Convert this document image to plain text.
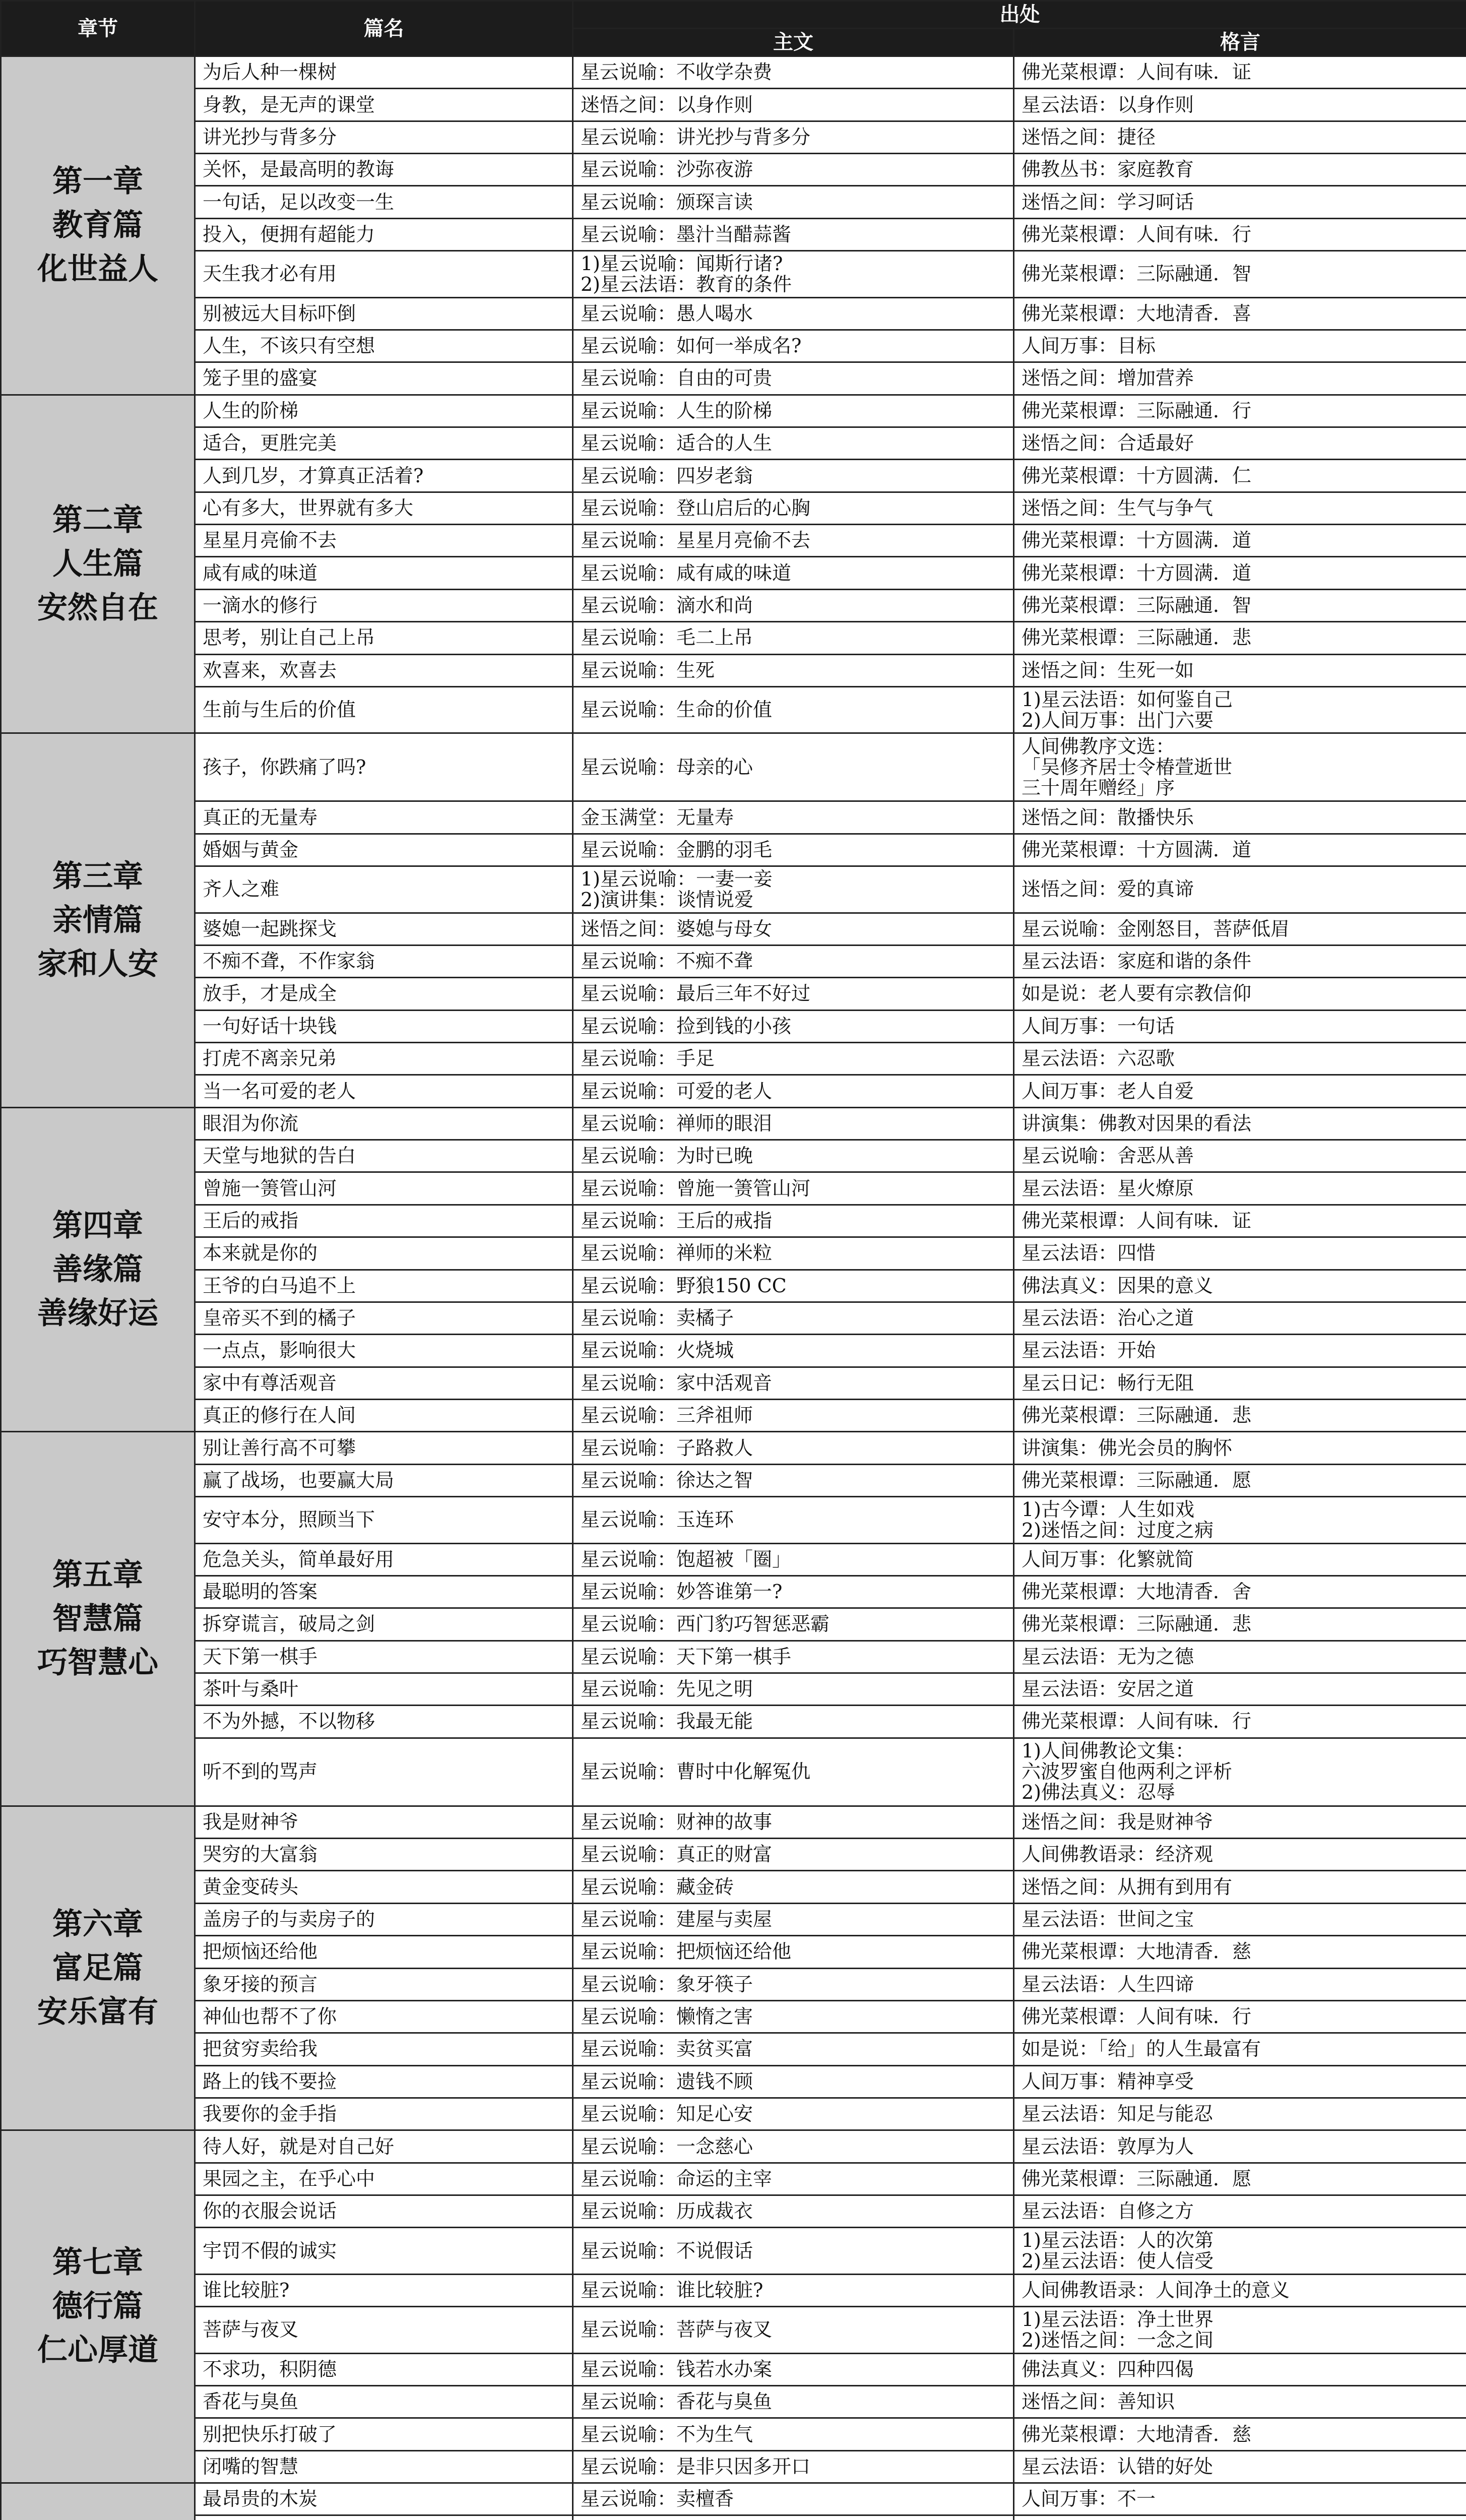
章节	篇名	出处	
		主文	格言
第一章
教育篇
化世益人	为后人种一棵树	星云说喻：不收学杂费	佛光菜根谭：人间有味．证
	身教，是无声的课堂	迷悟之间：以身作则	星云法语：以身作则
	讲光抄与背多分	星云说喻：讲光抄与背多分	迷悟之间：捷径
	关怀，是最高明的教诲	星云说喻：沙弥夜游	佛教丛书：家庭教育
	一句话，足以改变一生	星云说喻：颁琛言读	迷悟之间：学习呵话
	投入，便拥有超能力	星云说喻：墨汁当醋蒜酱	佛光菜根谭：人间有味．行
	天生我才必有用	1)星云说喻：闻斯行诸?
2)星云法语：教育的条件	佛光菜根谭：三际融通．智
	别被远大目标吓倒	星云说喻：愚人喝水	佛光菜根谭：大地清香．喜
	人生，不该只有空想	星云说喻：如何一举成名?	人间万事：目标
	笼子里的盛宴	星云说喻：自由的可贵	迷悟之间：增加营养
第二章
人生篇
安然自在	人生的阶梯	星云说喻：人生的阶梯	佛光菜根谭：三际融通．行
	适合，更胜完美	星云说喻：适合的人生	迷悟之间：合适最好
	人到几岁，才算真正活着?	星云说喻：四岁老翁	佛光菜根谭：十方圆满．仁
	心有多大，世界就有多大	星云说喻：登山启后的心胸	迷悟之间：生气与争气
	星星月亮偷不去	星云说喻：星星月亮偷不去	佛光菜根谭：十方圆满．道
	咸有咸的味道	星云说喻：咸有咸的味道	佛光菜根谭：十方圆满．道
	一滴水的修行	星云说喻：滴水和尚	佛光菜根谭：三际融通．智
	思考，别让自己上吊	星云说喻：毛二上吊	佛光菜根谭：三际融通．悲
	欢喜来，欢喜去	星云说喻：生死	迷悟之间：生死一如
	生前与生后的价值	星云说喻：生命的价值	1)星云法语：如何鉴自己
2)人间万事：出门六要
第三章
亲情篇
家和人安	孩子，你跌痛了吗?	星云说喻：母亲的心	人间佛教序文选：
「吴修齐居士令椿萱逝世
三十周年赠经」序
	真正的无量寿	金玉满堂：无量寿	迷悟之间：散播快乐
	婚姻与黄金	星云说喻：金鹏的羽毛	佛光菜根谭：十方圆满．道
	齐人之难	1)星云说喻：一妻一妾
2)演讲集：谈情说爱	迷悟之间：爱的真谛
	婆媳一起跳探戈	迷悟之间：婆媳与母女	星云说喻：金刚怒目，菩萨低眉
	不痴不聋，不作家翁	星云说喻：不痴不聋	星云法语：家庭和谐的条件
	放手，才是成全	星云说喻：最后三年不好过	如是说：老人要有宗教信仰
	一句好话十块钱	星云说喻：捡到钱的小孩	人间万事：一句话
	打虎不离亲兄弟	星云说喻：手足	星云法语：六忍歌
	当一名可爱的老人	星云说喻：可爱的老人	人间万事：老人自爱
第四章
善缘篇
善缘好运	眼泪为你流	星云说喻：禅师的眼泪	讲演集：佛教对因果的看法
	天堂与地狱的告白	星云说喻：为时已晚	星云说喻：舍恶从善
	曾施一箦管山河	星云说喻：曾施一箦管山河	星云法语：星火燎原
	王后的戒指	星云说喻：王后的戒指	佛光菜根谭：人间有味．证
	本来就是你的	星云说喻：禅师的米粒	星云法语：四惜
	王爷的白马追不上	星云说喻：野狼150 CC	佛法真义：因果的意义
	皇帝买不到的橘子	星云说喻：卖橘子	星云法语：治心之道
	一点点，影响很大	星云说喻：火烧城	星云法语：开始
	家中有尊活观音	星云说喻：家中活观音	星云日记：畅行无阻
	真正的修行在人间	星云说喻：三斧祖师	佛光菜根谭：三际融通．悲
第五章
智慧篇
巧智慧心	别让善行高不可攀	星云说喻：子路救人	讲演集：佛光会员的胸怀
	赢了战场，也要赢大局	星云说喻：徐达之智	佛光菜根谭：三际融通．愿
	安守本分，照顾当下	星云说喻：玉连环	1)古今谭：人生如戏
2)迷悟之间：过度之病
	危急关头，简单最好用	星云说喻：饱超被「圈」	人间万事：化繁就简
	最聪明的答案	星云说喻：妙答谁第一?	佛光菜根谭：大地清香．舍
	拆穿谎言，破局之剑	星云说喻：西门豹巧智惩恶霸	佛光菜根谭：三际融通．悲
	天下第一棋手	星云说喻：天下第一棋手	星云法语：无为之德
	茶叶与桑叶	星云说喻：先见之明	星云法语：安居之道
	不为外撼，不以物移	星云说喻：我最无能	佛光菜根谭：人间有味．行
	听不到的骂声	星云说喻：曹时中化解冤仇	1)人间佛教论文集：
六波罗蜜自他两利之评析
2)佛法真义：忍辱
第六章
富足篇
安乐富有	我是财神爷	星云说喻：财神的故事	迷悟之间：我是财神爷
	哭穷的大富翁	星云说喻：真正的财富	人间佛教语录：经济观
	黄金变砖头	星云说喻：藏金砖	迷悟之间：从拥有到用有
	盖房子的与卖房子的	星云说喻：建屋与卖屋	星云法语：世间之宝
	把烦恼还给他	星云说喻：把烦恼还给他	佛光菜根谭：大地清香．慈
	象牙接的预言	星云说喻：象牙筷子	星云法语：人生四谛
	神仙也帮不了你	星云说喻：懒惰之害	佛光菜根谭：人间有味．行
	把贫穷卖给我	星云说喻：卖贫买富	如是说：「给」的人生最富有
	路上的钱不要捡	星云说喻：遗钱不顾	人间万事：精神享受
	我要你的金手指	星云说喻：知足心安	星云法语：知足与能忍
第七章
德行篇
仁心厚道	待人好，就是对自己好	星云说喻：一念慈心	星云法语：敦厚为人
	果园之主，在乎心中	星云说喻：命运的主宰	佛光菜根谭：三际融通．愿
	你的衣服会说话	星云说喻：历成裁衣	星云法语：自修之方
	宇罚不假的诚实	星云说喻：不说假话	1)星云法语：人的次第
2)星云法语：使人信受
	谁比较脏?	星云说喻：谁比较脏?	人间佛教语录：人间净土的意义
	菩萨与夜叉	星云说喻：菩萨与夜叉	1)星云法语：净土世界
2)迷悟之间：一念之间
	不求功，积阴德	星云说喻：钱若水办案	佛法真义：四种四偈
	香花与臭鱼	星云说喻：香花与臭鱼	迷悟之间：善知识
	别把快乐打破了	星云说喻：不为生气	佛光菜根谭：大地清香．慈
	闭嘴的智慧	星云说喻：是非只因多开口	星云法语：认错的好处
	最昂贵的木炭	星云说喻：卖檀香	人间万事：不一
